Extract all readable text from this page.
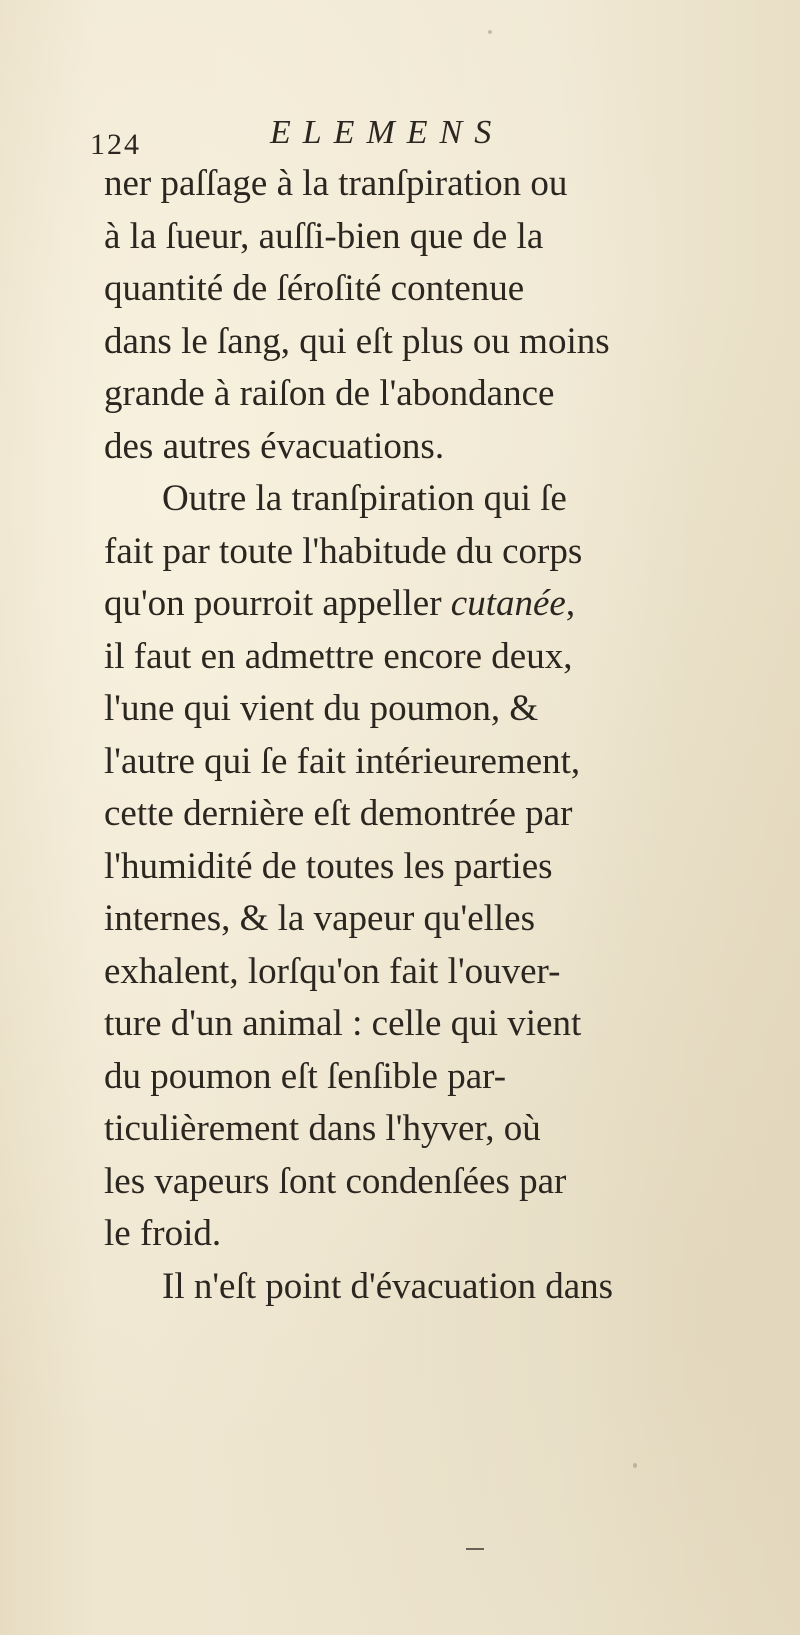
124	ELEMENS
ner paſſage à la tranſpiration ou
à la ſueur, auſſi-bien que de la
quantité de ſéroſité contenue
dans le ſang, qui eſt plus ou moins
grande à raiſon de l'abondance
des autres évacuations.
Outre la tranſpiration qui ſe
fait par toute l'habitude du corps
qu'on pourroit appeller cutanée,
il faut en admettre encore deux,
l'une qui vient du poumon, &
l'autre qui ſe fait intérieurement,
cette dernière eſt demontrée par
l'humidité de toutes les parties
internes, & la vapeur qu'elles
exhalent, lorſqu'on fait l'ouver-
ture d'un animal : celle qui vient
du poumon eſt ſenſible par-
ticulièrement dans l'hyver, où
les vapeurs ſont condenſées par
le froid.
Il n'eſt point d'évacuation dans
